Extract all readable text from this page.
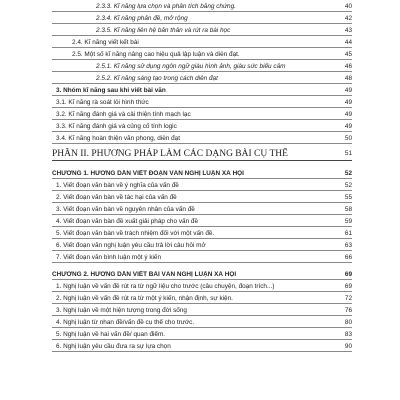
2.3.3. Kĩ năng lựa chọn và phân tích bằng chứng.	40
2.3.4. Kĩ năng phản đề, mở rộng	42
2.3.5. Kĩ năng liên hệ bản thân và rút ra bài học	43
2.4. Kĩ năng viết kết bài	44
2.5. Một số kĩ năng nâng cao hiệu quả lập luận và diễn đạt.	45
2.5.1. Kĩ năng sử dụng ngôn ngữ giàu hình ảnh, giàu sức biểu cảm	46
2.5.2. Kĩ năng sáng tạo trong cách diễn đạt	48
3. Nhóm kĩ năng sau khi viết bài văn	49
3.1. Kĩ năng rà soát lỗi hình thức	49
3.2. Kĩ năng đánh giá và cải thiện tính mạch lạc	49
3.3. Kĩ năng đánh giá và củng cố tính logic	49
3.4. Kĩ năng hoàn thiện văn phong, diễn đạt	50
PHẦN II. PHƯƠNG PHÁP LÀM CÁC DẠNG BÀI CỤ THỂ	51
CHƯƠNG 1. HƯỚNG DẪN VIẾT ĐOẠN VĂN NGHỊ LUẬN XÃ HỘI	52
1. Viết đoạn văn bàn về ý nghĩa của vấn đề	52
2. Viết đoạn văn bàn về tác hại của vấn đề	55
3. Viết đoạn văn bàn về nguyên nhân của vấn đề	58
4. Viết đoạn văn bàn đề xuất giải pháp cho vấn đề	59
5. Viết đoạn văn bàn về trách nhiệm đối với một vấn đề.	61
6. Viết đoạn văn nghị luận yêu cầu trả lời câu hỏi mở	63
7. Viết đoạn văn bình luận một ý kiến	66
CHƯƠNG 2. HƯỚNG DẪN VIẾT BÀI VĂN NGHỊ LUẬN XÃ HỘI	69
1. Nghị luận về vấn đề rút ra từ ngữ liệu cho trước (câu chuyện, đoạn trích...)	69
2. Nghị luận về vấn đề rút ra từ một ý kiến, nhận định, sự kiện.	72
3. Nghị luận về một hiện tượng trong đời sống	76
4. Nghị luận từ nhan đề/vấn đề cụ thể cho trước.	80
5. Nghị luận về hai vấn đề/ quan điểm.	83
6. Nghị luận yêu cầu đưa ra sự lựa chọn	90
